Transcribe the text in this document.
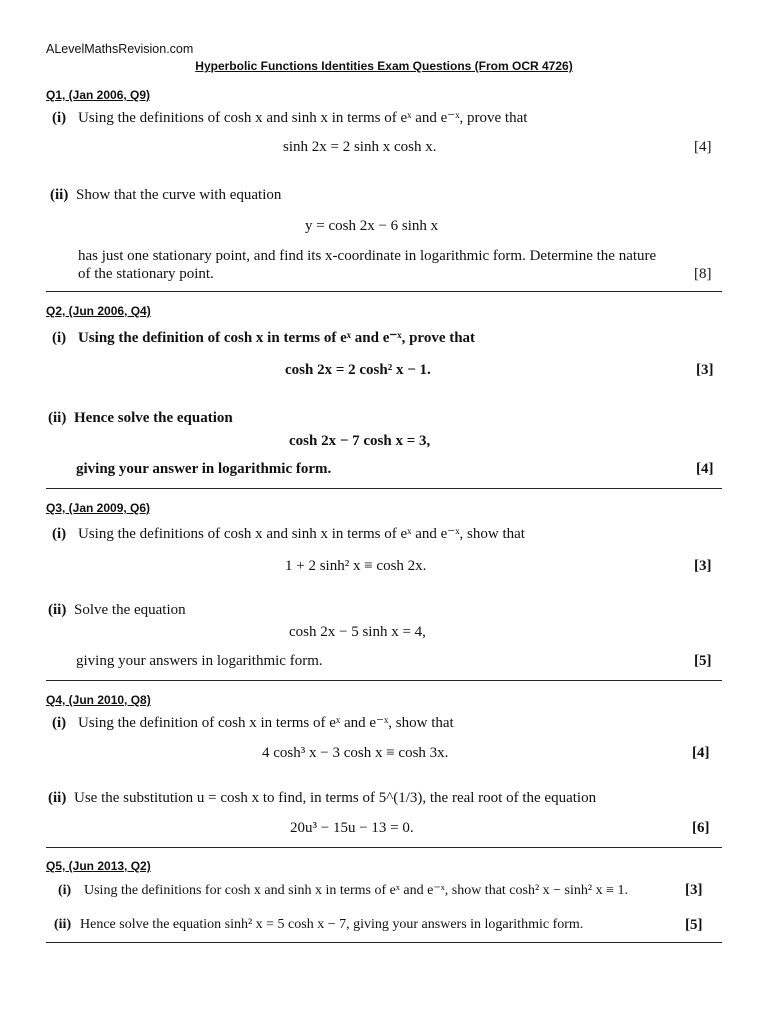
ALevelMathsRevision.com
Hyperbolic Functions Identities Exam Questions (From OCR 4726)
Q1, (Jan 2006, Q9)
(i) Using the definitions of cosh x and sinh x in terms of eˣ and e⁻ˣ, prove that
sinh 2x = 2 sinh x cosh x.	[4]
(ii) Show that the curve with equation
y = cosh 2x − 6 sinh x
has just one stationary point, and find its x-coordinate in logarithmic form. Determine the nature
of the stationary point.	[8]
Q2, (Jun 2006, Q4)
(i) Using the definition of cosh x in terms of eˣ and e⁻ˣ, prove that
cosh 2x = 2 cosh² x − 1.	[3]
(ii) Hence solve the equation
cosh 2x − 7 cosh x = 3,
giving your answer in logarithmic form.	[4]
Q3, (Jan 2009, Q6)
(i) Using the definitions of cosh x and sinh x in terms of eˣ and e⁻ˣ, show that
1 + 2 sinh² x ≡ cosh 2x.	[3]
(ii) Solve the equation
cosh 2x − 5 sinh x = 4,
giving your answers in logarithmic form.	[5]
Q4, (Jun 2010, Q8)
(i) Using the definition of cosh x in terms of eˣ and e⁻ˣ, show that
4 cosh³ x − 3 cosh x ≡ cosh 3x.	[4]
(ii) Use the substitution u = cosh x to find, in terms of 5^(1/3), the real root of the equation
20u³ − 15u − 13 = 0.	[6]
Q5, (Jun 2013, Q2)
(i) Using the definitions for cosh x and sinh x in terms of eˣ and e⁻ˣ, show that cosh² x − sinh² x ≡ 1.	[3]
(ii) Hence solve the equation sinh² x = 5 cosh x − 7, giving your answers in logarithmic form.	[5]
